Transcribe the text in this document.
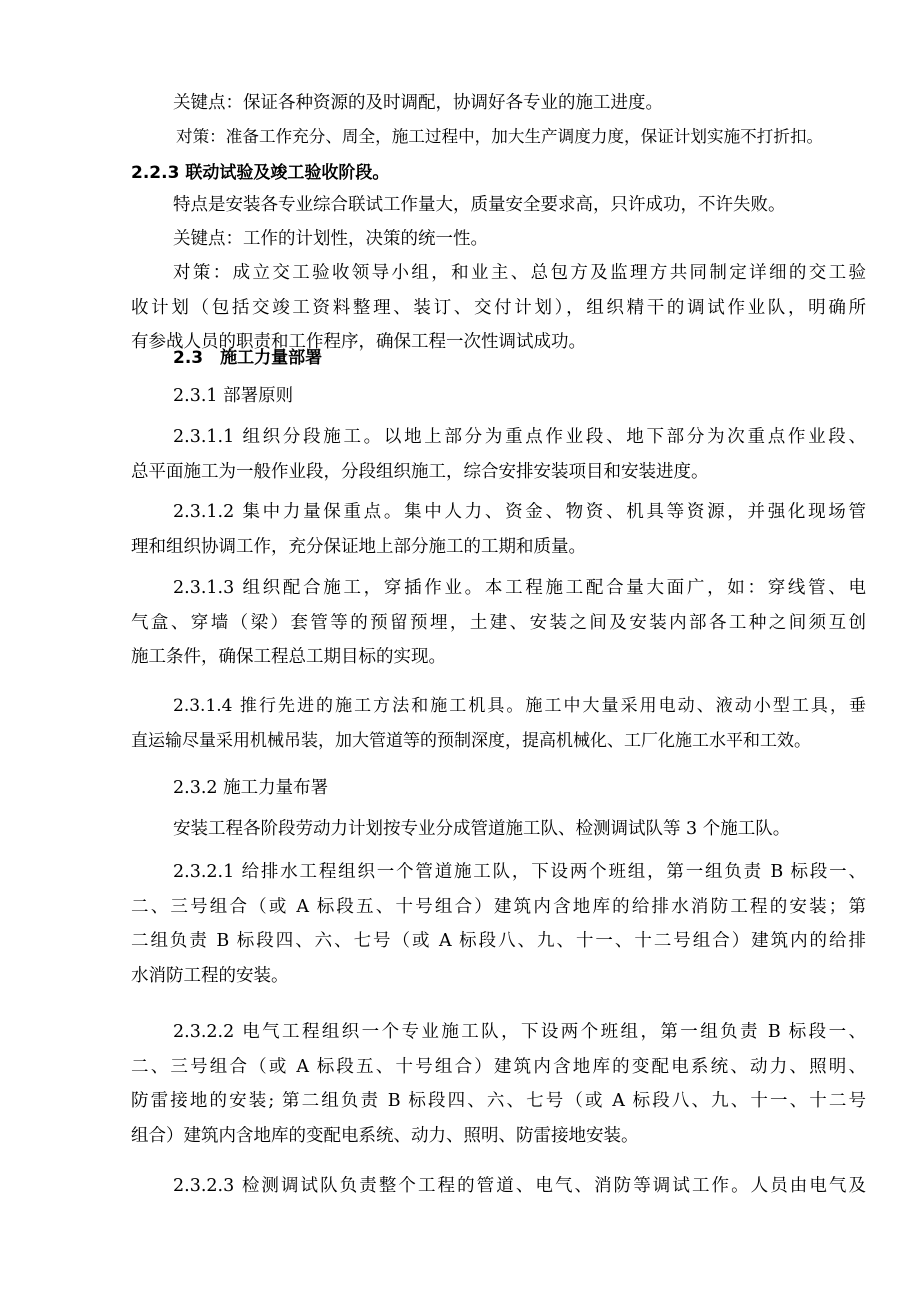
关键点：保证各种资源的及时调配，协调好各专业的施工进度。

对策：准备工作充分、周全，施工过程中，加大生产调度力度，保证计划实施不打折扣。

2.2.3 联动试验及竣工验收阶段。

特点是安装各专业综合联试工作量大，质量安全要求高，只许成功，不许失败。

关键点：工作的计划性，决策的统一性。

对策：成立交工验收领导小组，和业主、总包方及监理方共同制定详细的交工验
收计划（包括交竣工资料整理、装订、交付计划），组织精干的调试作业队，明确所
有参战人员的职责和工作程序，确保工程一次性调试成功。

2.3　施工力量部署

2.3.1 部署原则

2.3.1.1 组织分段施工。以地上部分为重点作业段、地下部分为次重点作业段、
总平面施工为一般作业段，分段组织施工，综合安排安装项目和安装进度。
2.3.1.2 集中力量保重点。集中人力、资金、物资、机具等资源，并强化现场管
理和组织协调工作，充分保证地上部分施工的工期和质量。
2.3.1.3 组织配合施工，穿插作业。本工程施工配合量大面广，如：穿线管、电
气盒、穿墙（梁）套管等的预留预埋，土建、安装之间及安装内部各工种之间须互创
施工条件，确保工程总工期目标的实现。
2.3.1.4 推行先进的施工方法和施工机具。施工中大量采用电动、液动小型工具，垂
直运输尽量采用机械吊装，加大管道等的预制深度，提高机械化、工厂化施工水平和工效。

2.3.2 施工力量布署

安装工程各阶段劳动力计划按专业分成管道施工队、检测调试队等 3 个施工队。

2.3.2.1 给排水工程组织一个管道施工队，下设两个班组，第一组负责 B 标段一、
二、三号组合（或 A 标段五、十号组合）建筑内含地库的给排水消防工程的安装；第
二组负责 B 标段四、六、七号（或 A 标段八、九、十一、十二号组合）建筑内的给排
水消防工程的安装。
2.3.2.2 电气工程组织一个专业施工队，下设两个班组，第一组负责 B 标段一、
二、三号组合（或 A 标段五、十号组合）建筑内含地库的变配电系统、动力、照明、
防雷接地的安装; 第二组负责 B 标段四、六、七号（或 A 标段八、九、十一、十二号
组合）建筑内含地库的变配电系统、动力、照明、防雷接地安装。
2.3.2.3 检测调试队负责整个工程的管道、电气、消防等调试工作。人员由电气及
